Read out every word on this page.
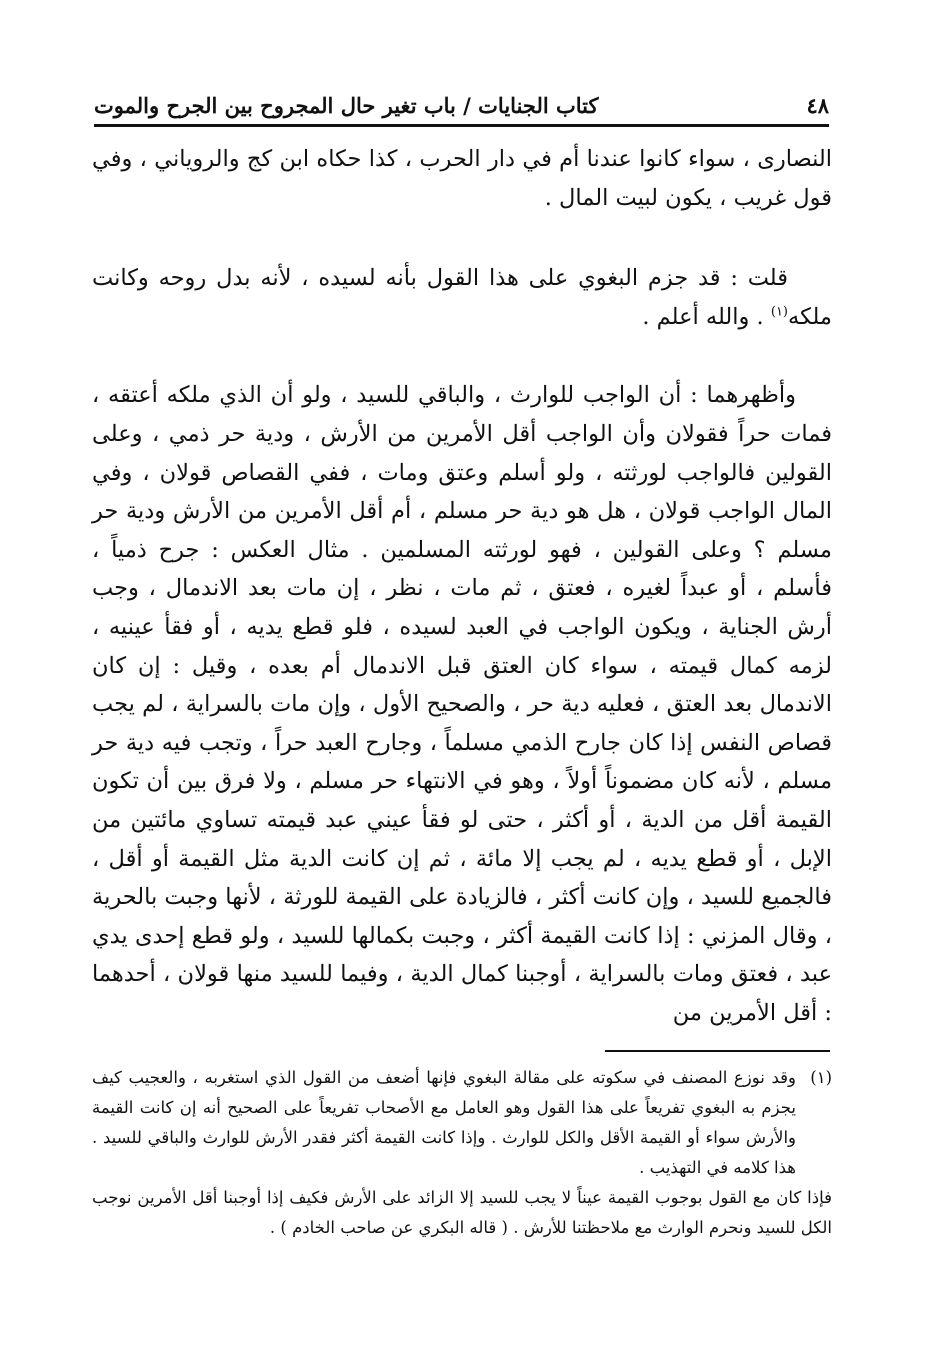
٤٨
كتاب الجنايات / باب تغير حال المجروح بين الجرح والموت

النصارى ، سواء كانوا عندنا أم في دار الحرب ، كذا حكاه ابن كج والروياني ، وفي قول غريب ، يكون لبيت المال .

قلت : قد جزم البغوي على هذا القول بأنه لسيده ، لأنه بدل روحه وكانت ملكه$^{(١)}$ . والله أعلم .

وأظهرهما : أن الواجب للوارث ، والباقي للسيد ، ولو أن الذي ملكه أعتقه ، فمات حراً فقولان وأن الواجب أقل الأمرين من الأرش ، ودية حر ذمي ، وعلى القولين فالواجب لورثته ، ولو أسلم وعتق ومات ، ففي القصاص قولان ، وفي المال الواجب قولان ، هل هو دية حر مسلم ، أم أقل الأمرين من الأرش ودية حر مسلم ؟ وعلى القولين ، فهو لورثته المسلمين . مثال العكس : جرح ذمياً ، فأسلم ، أو عبداً لغيره ، فعتق ، ثم مات ، نظر ، إن مات بعد الاندمال ، وجب أرش الجناية ، ويكون الواجب في العبد لسيده ، فلو قطع يديه ، أو فقأ عينيه ، لزمه كمال قيمته ، سواء كان العتق قبل الاندمال أم بعده ، وقيل : إن كان الاندمال بعد العتق ، فعليه دية حر ، والصحيح الأول ، وإن مات بالسراية ، لم يجب قصاص النفس إذا كان جارح الذمي مسلماً ، وجارح العبد حراً ، وتجب فيه دية حر مسلم ، لأنه كان مضموناً أولاً ، وهو في الانتهاء حر مسلم ، ولا فرق بين أن تكون القيمة أقل من الدية ، أو أكثر ، حتى لو فقأ عيني عبد قيمته تساوي مائتين من الإبل ، أو قطع يديه ، لم يجب إلا مائة ، ثم إن كانت الدية مثل القيمة أو أقل ، فالجميع للسيد ، وإن كانت أكثر ، فالزيادة على القيمة للورثة ، لأنها وجبت بالحرية ، وقال المزني : إذا كانت القيمة أكثر ، وجبت بكمالها للسيد ، ولو قطع إحدى يدي عبد ، فعتق ومات بالسراية ، أوجبنا كمال الدية ، وفيما للسيد منها قولان ، أحدهما : أقل الأمرين من

(١)

وقد نوزع المصنف في سكوته على مقالة البغوي فإنها أضعف من القول الذي استغربه ، والعجيب كيف يجزم به البغوي تفريعاً على هذا القول وهو العامل مع الأصحاب تفريعاً على الصحيح أنه إن كانت القيمة والأرش سواء أو القيمة الأقل والكل للوارث . وإذا كانت القيمة أكثر فقدر الأرش للوارث والباقي للسيد . هذا كلامه في التهذيب .

فإذا كان مع القول بوجوب القيمة عيناً لا يجب للسيد إلا الزائد على الأرش فكيف إذا أوجبنا أقل الأمرين نوجب الكل للسيد ونحرم الوارث مع ملاحظتنا للأرش . ( قاله البكري عن صاحب الخادم ) .
